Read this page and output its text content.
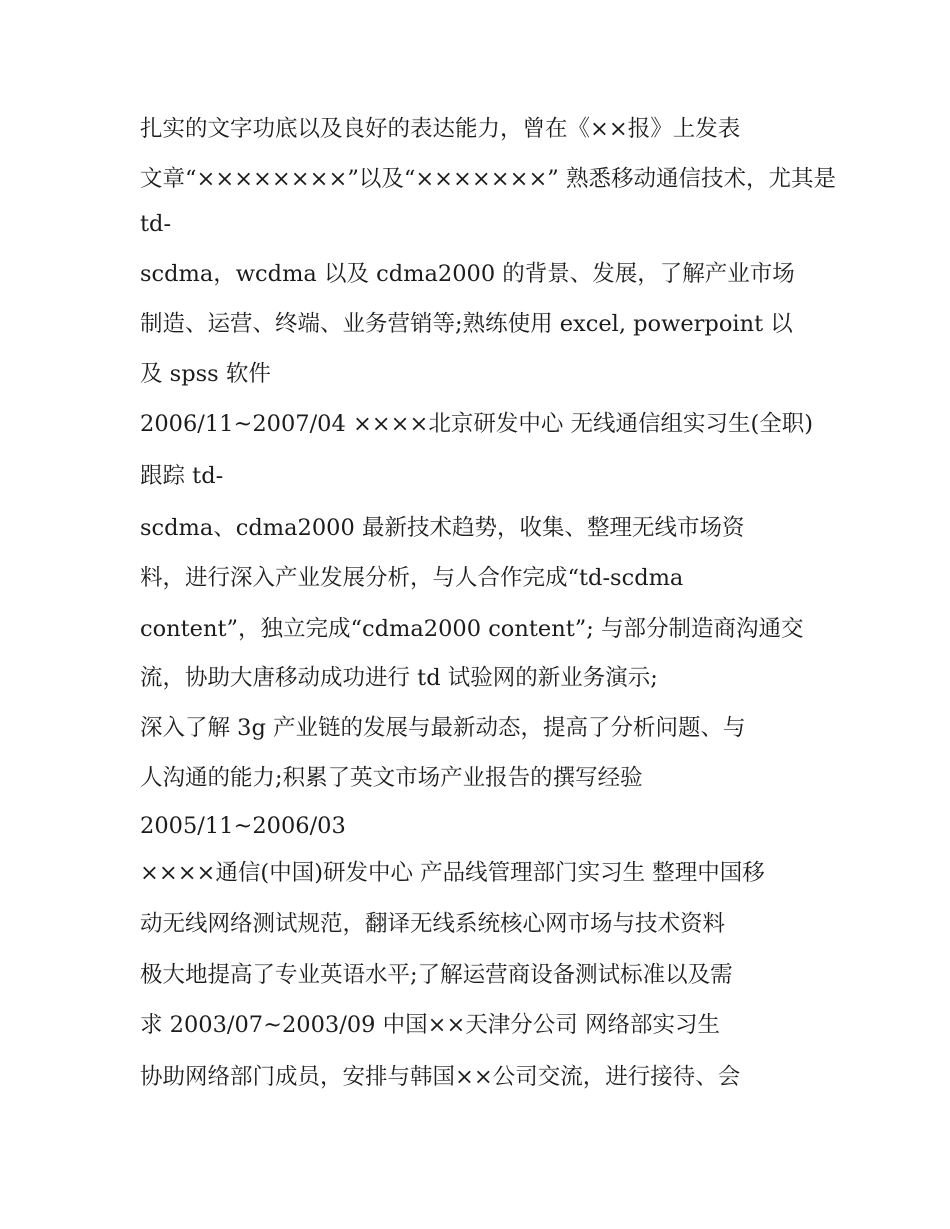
扎实的文字功底以及良好的表达能力，曾在《××报》上发表
文章“××××××××”以及“×××××××” 熟悉移动通信技术，尤其是
td-
scdma，wcdma 以及 cdma2000 的背景、发展，了解产业市场
制造、运营、终端、业务营销等;熟练使用 excel, powerpoint 以
及 spss 软件
2006/11~2007/04 ××××北京研发中心 无线通信组实习生(全职)
跟踪 td-
scdma、cdma2000 最新技术趋势，收集、整理无线市场资
料，进行深入产业发展分析，与人合作完成“td-scdma
content”，独立完成“cdma2000 content”; 与部分制造商沟通交
流，协助大唐移动成功进行 td 试验网的新业务演示;
深入了解 3g 产业链的发展与最新动态，提高了分析问题、与
人沟通的能力;积累了英文市场产业报告的撰写经验
2005/11~2006/03
××××通信(中国)研发中心 产品线管理部门实习生 整理中国移
动无线网络测试规范，翻译无线系统核心网市场与技术资料
极大地提高了专业英语水平;了解运营商设备测试标准以及需
求 2003/07~2003/09 中国××天津分公司 网络部实习生
协助网络部门成员，安排与韩国××公司交流，进行接待、会
